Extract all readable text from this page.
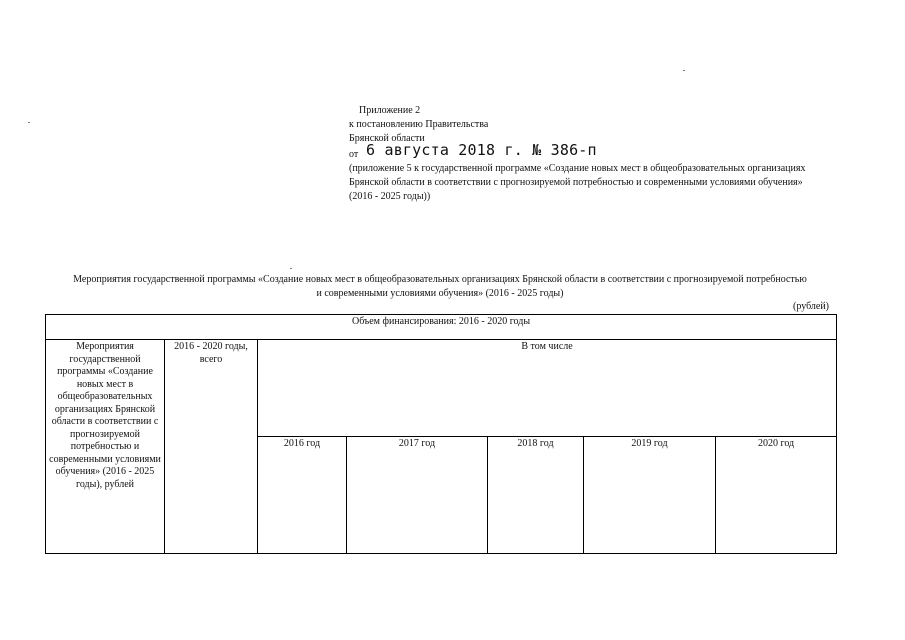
Приложение 2
к постановлению Правительства
Брянской области
от 6 августа 2018 г. № 386-п
(приложение 5 к государственной программе «Создание новых мест в общеобразовательных организациях Брянской области в соответствии с прогнозируемой потребностью и современными условиями обучения» (2016 - 2025 годы))
Мероприятия государственной программы «Создание новых мест в общеобразовательных организациях Брянской области в соответствии с прогнозируемой потребностью и современными условиями обучения» (2016 - 2025 годы)
(рублей)
Объем финансирования: 2016 - 2020 годы						
Мероприятия государственной программы «Создание новых мест в общеобразовательных организациях Брянской области в соответствии с прогнозируемой потребностью и современными условиями обучения» (2016 - 2025 годы), рублей	2016 - 2020 годы, всего	В том числе				
		2016 год	2017 год	2018 год	2019 год	2020 год
